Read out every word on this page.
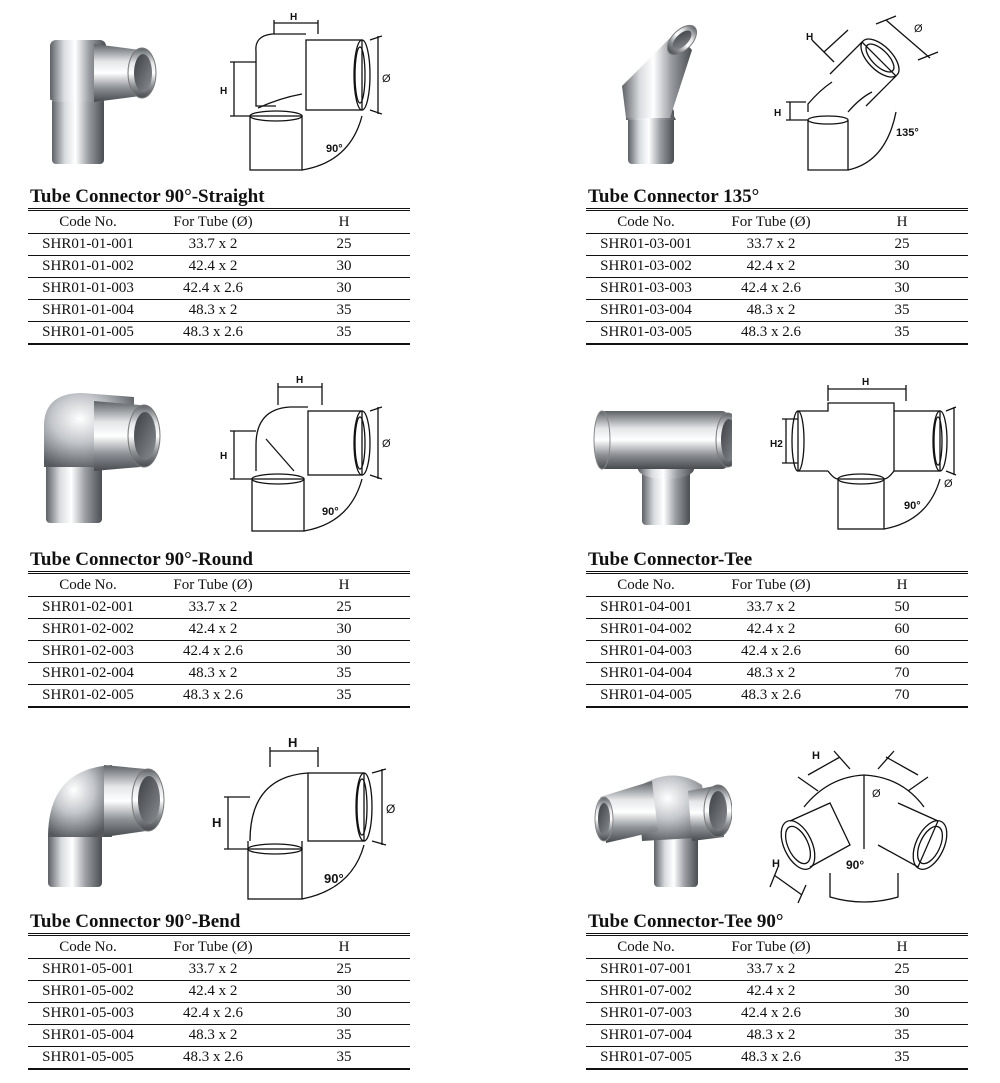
H
H
Ø
90°
Tube Connector 90°-Straight
Code No.	For Tube (Ø)	H
SHR01-01-001	33.7 x 2	25
SHR01-01-002	42.4 x 2	30
SHR01-01-003	42.4 x 2.6	30
SHR01-01-004	48.3 x 2	35
SHR01-01-005	48.3 x 2.6	35
H
H
Ø
135°
Tube Connector 135°
Code No.	For Tube (Ø)	H
SHR01-03-001	33.7 x 2	25
SHR01-03-002	42.4 x 2	30
SHR01-03-003	42.4 x 2.6	30
SHR01-03-004	48.3 x 2	35
SHR01-03-005	48.3 x 2.6	35
H
H
Ø
90°
Tube Connector 90°-Round
Code No.	For Tube (Ø)	H
SHR01-02-001	33.7 x 2	25
SHR01-02-002	42.4 x 2	30
SHR01-02-003	42.4 x 2.6	30
SHR01-02-004	48.3 x 2	35
SHR01-02-005	48.3 x 2.6	35
H
H2
Ø
90°
Tube Connector-Tee
Code No.	For Tube (Ø)	H
SHR01-04-001	33.7 x 2	50
SHR01-04-002	42.4 x 2	60
SHR01-04-003	42.4 x 2.6	60
SHR01-04-004	48.3 x 2	70
SHR01-04-005	48.3 x 2.6	70
H
H
Ø
90°
Tube Connector 90°-Bend
Code No.	For Tube (Ø)	H
SHR01-05-001	33.7 x 2	25
SHR01-05-002	42.4 x 2	30
SHR01-05-003	42.4 x 2.6	30
SHR01-05-004	48.3 x 2	35
SHR01-05-005	48.3 x 2.6	35
H
H
Ø
90°
Tube Connector-Tee 90°
Code No.	For Tube (Ø)	H
SHR01-07-001	33.7 x 2	25
SHR01-07-002	42.4 x 2	30
SHR01-07-003	42.4 x 2.6	30
SHR01-07-004	48.3 x 2	35
SHR01-07-005	48.3 x 2.6	35
